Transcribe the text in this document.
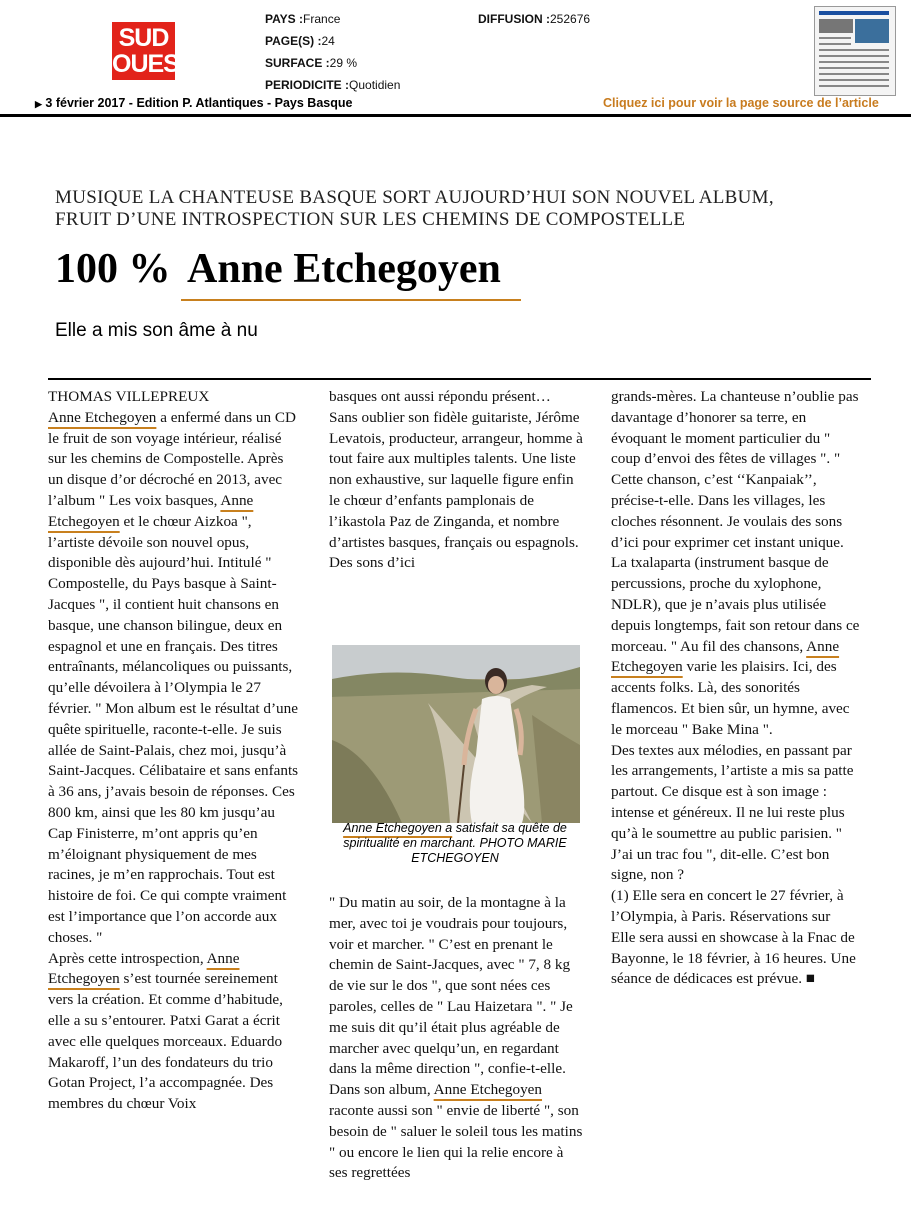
SUD
OUEST
PAYS :France
PAGE(S) :24
SURFACE :29 %
PERIODICITE :Quotidien
DIFFUSION :252676
▶ 3 février 2017 - Edition P. Atlantiques - Pays Basque	Cliquez ici pour voir la page source de l’article
MUSIQUE LA CHANTEUSE BASQUE SORT AUJOURD’HUI SON NOUVEL ALBUM, FRUIT D’UNE INTROSPECTION SUR LES CHEMINS DE COMPOSTELLE
100 % Anne Etchegoyen
Elle a mis son âme à nu

THOMAS VILLEPREUX

Anne Etchegoyen a enfermé dans un CD le fruit de son voyage intérieur, réalisé sur les chemins de Compostelle. Après un disque d’or décroché en 2013, avec l’album " Les voix basques, Anne Etchegoyen et le chœur Aizkoa ", l’artiste dévoile son nouvel opus, disponible dès aujourd’hui. Intitulé " Compostelle, du Pays basque à Saint-Jacques ", il contient huit chansons en basque, une chanson bilingue, deux en espagnol et une en français. Des titres entraînants, mélancoliques ou puissants, qu’elle dévoilera à l’Olympia le 27 février. " Mon album est le résultat d’une quête spirituelle, raconte-t-elle. Je suis allée de Saint-Palais, chez moi, jusqu’à Saint-Jacques. Célibataire et sans enfants à 36 ans, j’avais besoin de réponses. Ces 800 km, ainsi que les 80 km jusqu’au Cap Finisterre, m’ont appris qu’en m’éloignant physiquement de mes racines, je m’en rapprochais. Tout est histoire de foi. Ce qui compte vraiment est l’importance que l’on accorde aux choses. "

Après cette introspection, Anne Etchegoyen s’est tournée sereinement vers la création. Et comme d’habitude, elle a su s’entourer. Patxi Garat a écrit avec elle quelques morceaux. Eduardo Makaroff, l’un des fondateurs du trio Gotan Project, l’a accompagnée. Des membres du chœur Voix

basques ont aussi répondu présent… Sans oublier son fidèle guitariste, Jérôme Levatois, producteur, arrangeur, homme à tout faire aux multiples talents. Une liste non exhaustive, sur laquelle figure enfin le chœur d’enfants pamplonais de l’ikastola Paz de Zinganda, et nombre d’artistes basques, français ou espagnols.

Des sons d’ici

Anne Etchegoyen a satisfait sa quête de spiritualité en marchant. PHOTO MARIE ETCHEGOYEN

" Du matin au soir, de la montagne à la mer, avec toi je voudrais pour toujours, voir et marcher. " C’est en prenant le chemin de Saint-Jacques, avec " 7, 8 kg de vie sur le dos ", que sont nées ces paroles, celles de " Lau Haizetara ". " Je me suis dit qu’il était plus agréable de marcher avec quelqu’un, en regardant dans la même direction ", confie-t-elle.

Dans son album, Anne Etchegoyen raconte aussi son " envie de liberté ", son besoin de " saluer le soleil tous les matins " ou encore le lien qui la relie encore à ses regrettées

grands-mères. La chanteuse n’oublie pas davantage d’honorer sa terre, en évoquant le moment particulier du " coup d’envoi des fêtes de villages ". " Cette chanson, c’est ‘‘Kanpaiak’’, précise-t-elle. Dans les villages, les cloches résonnent. Je voulais des sons d’ici pour exprimer cet instant unique. La txalaparta (instrument basque de percussions, proche du xylophone, NDLR), que je n’avais plus utilisée depuis longtemps, fait son retour dans ce morceau. " Au fil des chansons, Anne Etchegoyen varie les plaisirs. Ici, des accents folks. Là, des sonorités flamencos. Et bien sûr, un hymne, avec le morceau " Bake Mina ".

Des textes aux mélodies, en passant par les arrangements, l’artiste a mis sa patte partout. Ce disque est à son image : intense et généreux. Il ne lui reste plus qu’à le soumettre au public parisien. " J’ai un trac fou ", dit-elle. C’est bon signe, non ?

(1) Elle sera en concert le 27 février, à l’Olympia, à Paris. Réservations sur

Elle sera aussi en showcase à la Fnac de Bayonne, le 18 février, à 16 heures. Une séance de dédicaces est prévue. ■
